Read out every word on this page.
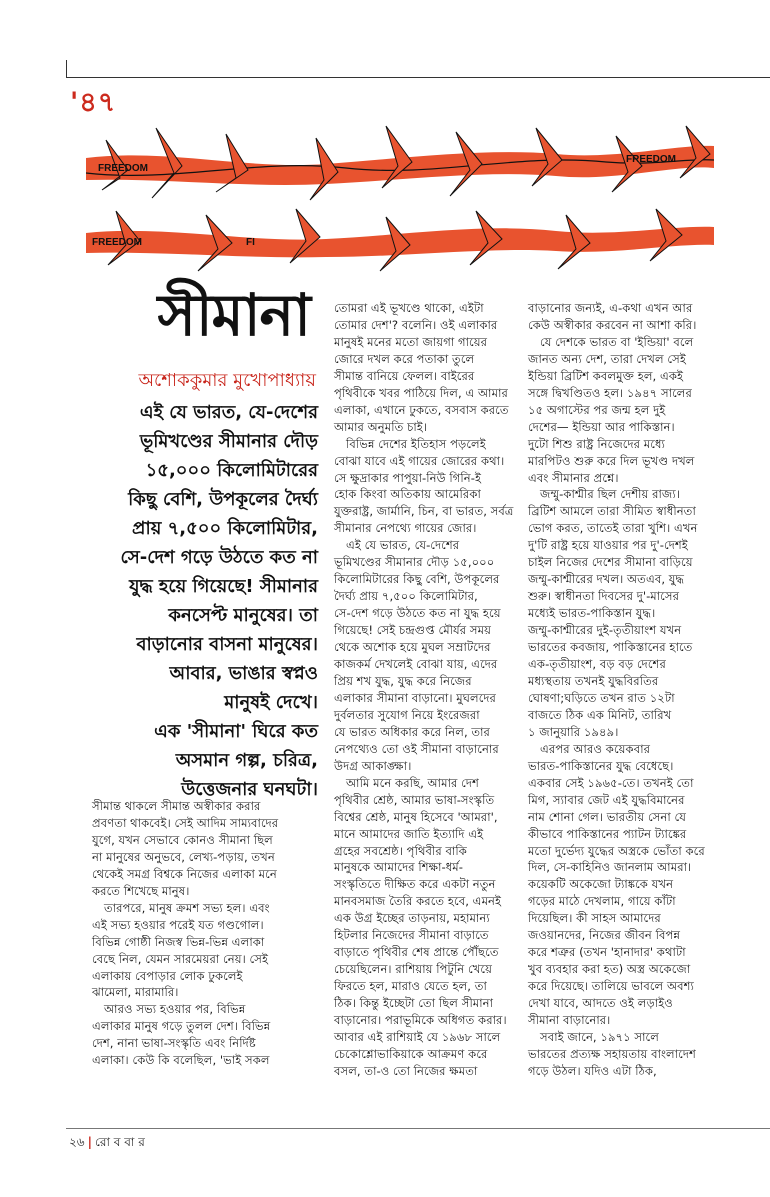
'৪৭
FREEDOM
FREEDOM
FREEDOM	FI
সীমানা
অশোককুমার মুখোপাধ্যায়
এই যে ভারত, যে-দেশের
ভূমিখণ্ডের সীমানার দৌড়
১৫,০০০ কিলোমিটারের
কিছু বেশি, উপকূলের দৈর্ঘ্য
প্রায় ৭,৫০০ কিলোমিটার,
সে-দেশ গড়ে উঠতে কত না
যুদ্ধ হয়ে গিয়েছে! সীমানার
কনসেপ্ট মানুষের। তা
বাড়ানোর বাসনা মানুষের।
আবার, ভাঙার স্বপ্নও
মানুষই দেখে।
এক 'সীমানা' ঘিরে কত
অসমান গল্প, চরিত্র,
উত্তেজনার ঘনঘটা।
সীমান্ত থাকলে সীমান্ত অস্বীকার করার
প্রবণতা থাকবেই। সেই আদিম সাম্যবাদের
যুগে, যখন সেভাবে কোনও সীমানা ছিল
না মানুষের অনুভবে, লেখ্য-পড়ায়, তখন
থেকেই সমগ্র বিশ্বকে নিজের এলাকা মনে
করতে শিখেছে মানুষ।
তারপরে, মানুষ ক্রমশ সভ্য হল। এবং
এই সভ্য হওয়ার পরেই যত গণ্ডগোল।
বিভিন্ন গোষ্ঠী নিজস্ব ভিন্ন-ভিন্ন এলাকা
বেছে নিল, যেমন সারমেয়রা নেয়। সেই
এলাকায় বেপাড়ার লোক ঢুকলেই
ঝামেলা, মারামারি।
আরও সভ্য হওয়ার পর, বিভিন্ন
এলাকার মানুষ গড়ে তুলল দেশ। বিভিন্ন
দেশ, নানা ভাষা-সংস্কৃতি এবং নির্দিষ্ট
এলাকা। কেউ কি বলেছিল, 'ভাই সকল
তোমরা এই ভূখণ্ডে থাকো, এইটা
তোমার দেশ'? বলেনি। ওই এলাকার
মানুষই মনের মতো জায়গা গায়ের
জোরে দখল করে পতাকা তুলে
সীমান্ত বানিয়ে ফেলল। বাইরের
পৃথিবীকে খবর পাঠিয়ে দিল, এ আমার
এলাকা, এখানে ঢুকতে, বসবাস করতে
আমার অনুমতি চাই।
বিভিন্ন দেশের ইতিহাস পড়লেই
বোঝা যাবে এই গায়ের জোরের কথা।
সে ক্ষুদ্রাকার পাপুয়া-নিউ গিনি-ই
হোক কিংবা অতিকায় আমেরিকা
যুক্তরাষ্ট্র, জার্মানি, চিন, বা ভারত, সর্বত্র
সীমানার নেপথ্যে গায়ের জোর।
এই যে ভারত, যে-দেশের
ভূমিখণ্ডের সীমানার দৌড় ১৫,০০০
কিলোমিটারের কিছু বেশি, উপকূলের
দৈর্ঘ্য প্রায় ৭,৫০০ কিলোমিটার,
সে-দেশ গড়ে উঠতে কত না যুদ্ধ হয়ে
গিয়েছে! সেই চন্দ্রগুপ্ত মৌর্যর সময়
থেকে অশোক হয়ে মুঘল সম্রাটদের
কাজকর্ম দেখলেই বোঝা যায়, এদের
প্রিয় শখ যুদ্ধ, যুদ্ধ করে নিজের
এলাকার সীমানা বাড়ানো। মুঘলদের
দুর্বলতার সুযোগ নিয়ে ইংরেজরা
যে ভারত অধিকার করে নিল, তার
নেপথ্যেও তো ওই সীমানা বাড়ানোর
উদগ্র আকাঙ্ক্ষা।
আমি মনে করছি, আমার দেশ
পৃথিবীর শ্রেষ্ঠ, আমার ভাষা-সংস্কৃতি
বিশ্বের শ্রেষ্ঠ, মানুষ হিসেবে 'আমরা',
মানে আমাদের জাতি ইত্যাদি এই
গ্রহের সবশ্রেষ্ঠ। পৃথিবীর বাকি
মানুষকে আমাদের শিক্ষা-ধর্ম-
সংস্কৃতিতে দীক্ষিত করে একটা নতুন
মানবসমাজ তৈরি করতে হবে, এমনই
এক উগ্র ইচ্ছের তাড়নায়, মহামান্য
হিটলার নিজেদের সীমানা বাড়াতে
বাড়াতে পৃথিবীর শেষ প্রান্তে পৌঁছতে
চেয়েছিলেন। রাশিয়ায় পিটুনি খেয়ে
ফিরতে হল, মারাও যেতে হল, তা
ঠিক। কিন্তু ইচ্ছেটা তো ছিল সীমানা
বাড়ানোর। পরাভূমিকে অধিগত করার।
আবার এই রাশিয়াই যে ১৯৬৮ সালে
চেকোশ্লোভাকিয়াকে আক্রমণ করে
বসল, তা-ও তো নিজের ক্ষমতা
বাড়ানোর জন্যই, এ-কথা এখন আর
কেউ অস্বীকার করবেন না আশা করি।
যে দেশকে ভারত বা 'ইন্ডিয়া' বলে
জানত অন্য দেশ, তারা দেখল সেই
ইন্ডিয়া ব্রিটিশ কবলমুক্ত হল, একই
সঙ্গে দ্বিখণ্ডিতও হল। ১৯৪৭ সালের
১৫ অগাস্টের পর জন্ম হল দুই
দেশের— ইন্ডিয়া আর পাকিস্তান।
দুটো শিশু রাষ্ট্র নিজেদের মধ্যে
মারপিটও শুরু করে দিল ভূখণ্ড দখল
এবং সীমানার প্রশ্নে।
জম্মু-কাশ্মীর ছিল দেশীয় রাজ্য।
ব্রিটিশ আমলে তারা সীমিত স্বাধীনতা
ভোগ করত, তাতেই তারা খুশি। এখন
দু'টি রাষ্ট্র হয়ে যাওয়ার পর দু'-দেশই
চাইল নিজের দেশের সীমানা বাড়িয়ে
জম্মু-কাশ্মীরের দখল। অতএব, যুদ্ধ
শুরু। স্বাধীনতা দিবসের দু'-মাসের
মধ্যেই ভারত-পাকিস্তান যুদ্ধ।
জম্মু-কাশ্মীরের দুই-তৃতীয়াংশ যখন
ভারতের কবজায়, পাকিস্তানের হাতে
এক-তৃতীয়াংশ, বড় বড় দেশের
মধ্যস্থতায় তখনই যুদ্ধবিরতির
ঘোষণা;ঘড়িতে তখন রাত ১২টা
বাজতে ঠিক এক মিনিট, তারিখ
১ জানুয়ারি ১৯৪৯।
এরপর আরও কয়েকবার
ভারত-পাকিস্তানের যুদ্ধ বেধেছে।
একবার সেই ১৯৬৫-তে। তখনই তো
মিগ, স্যাবার জেট এই যুদ্ধবিমানের
নাম শোনা গেল। ভারতীয় সেনা যে
কীভাবে পাকিস্তানের প্যাটন ট্যাঙ্কের
মতো দুর্ভেদ্য যুদ্ধের অস্ত্রকে ভোঁতা করে
দিল, সে-কাহিনিও জানলাম আমরা।
কয়েকটি অকেজো ট্যাঙ্ককে যখন
গড়ের মাঠে দেখলাম, গায়ে কাঁটা
দিয়েছিল। কী সাহস আমাদের
জওয়ানদের, নিজের জীবন বিপন্ন
করে শত্রুর (তখন 'হানাদার' কথাটা
খুব ব্যবহার করা হত) অস্ত্র অকেজো
করে দিয়েছে। তালিয়ে ভাবলে অবশ্য
দেখা যাবে, আদতে ওই লড়াইও
সীমানা বাড়ানোর।
সবাই জানে, ১৯৭১ সালে
ভারতের প্রত্যক্ষ সহায়তায় বাংলাদেশ
গড়ে উঠল। যদিও এটা ঠিক,
২৬ | রো ব বা র
